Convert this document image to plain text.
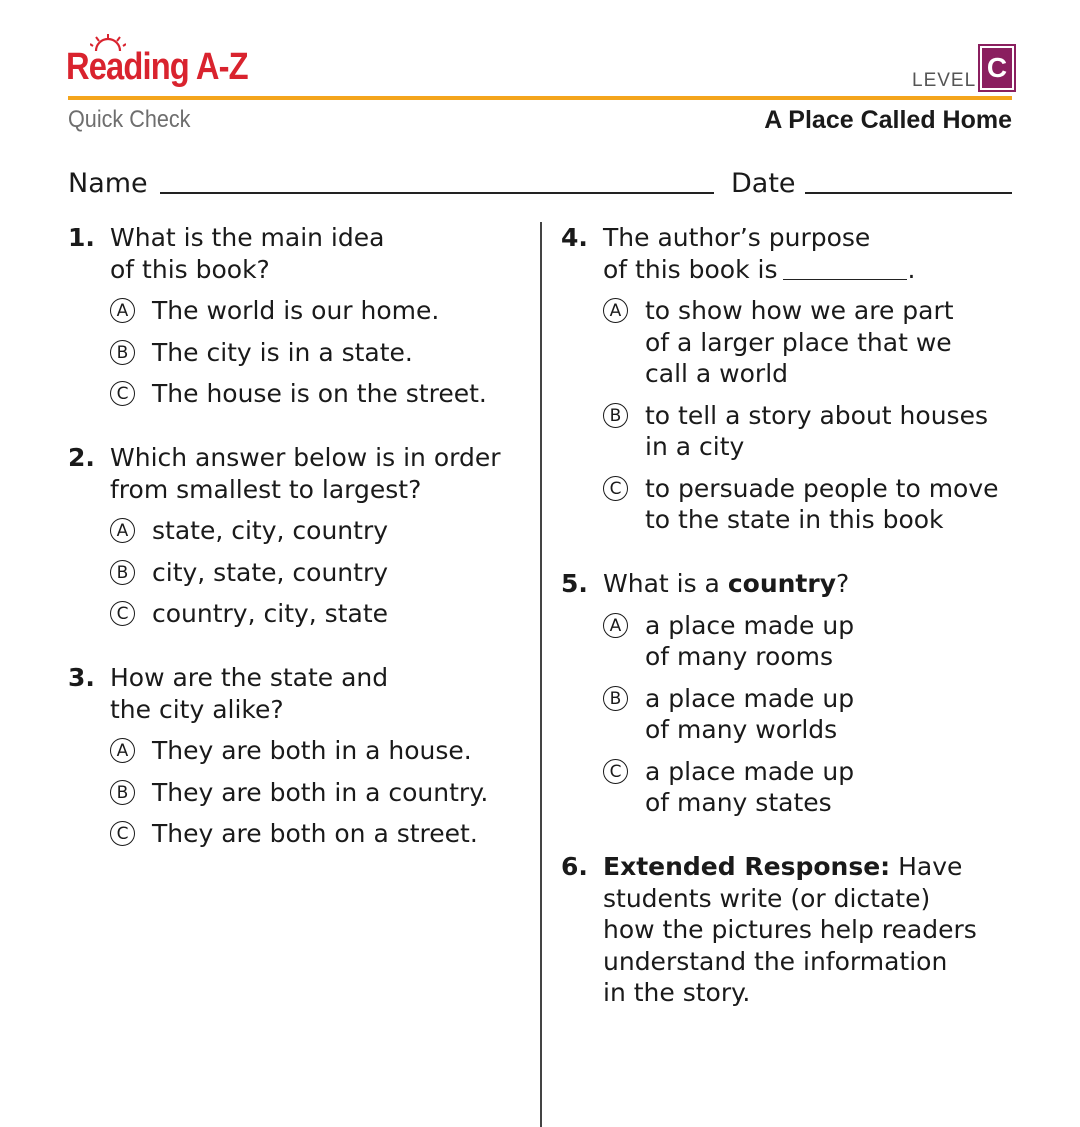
Reading A-Z	LEVEL C
Quick Check	A Place Called Home
Name	Date
1. What is the main idea
of this book?
A The world is our home.
B The city is in a state.
C The house is on the street.
2. Which answer below is in order
from smallest to largest?
A state, city, country
B city, state, country
C country, city, state
3. How are the state and
the city alike?
A They are both in a house.
B They are both in a country.
C They are both on a street.
4. The author’s purpose
of this book is	.
A to show how we are part
of a larger place that we
call a world
B to tell a story about houses
in a city
C to persuade people to move
to the state in this book
5. What is a country?
A a place made up
of many rooms
B a place made up
of many worlds
C a place made up
of many states
6. Extended Response: Have
students write (or dictate)
how the pictures help readers
understand the information
in the story.
